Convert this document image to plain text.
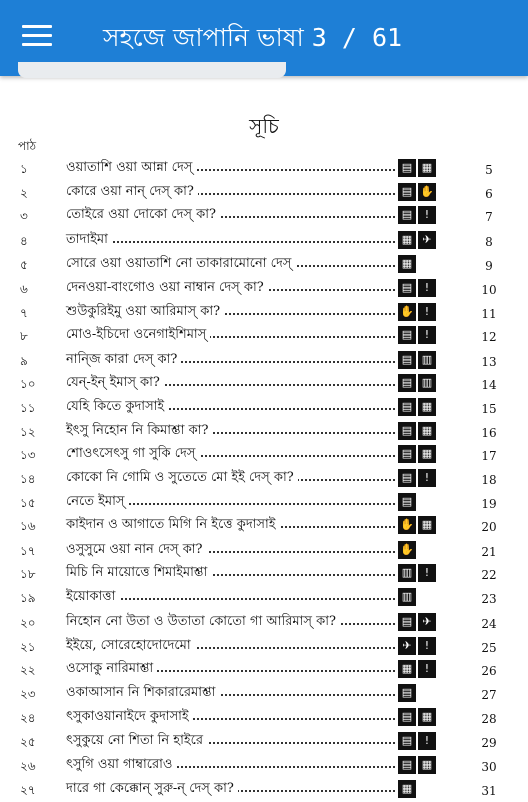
সহজে জাপানি ভাষা 3 / 61
সূচি
পাঠ
১	ওয়াতাশি ওয়া আন্না দেস্	▤ ▦	5
২	কোরে ওয়া নান্ দেস্ কা?	▤ ✋	6
৩	তোইরে ওয়া দোকো দেস্ কা?	▤ !	7
৪	তাদাইমা	▦ ✈	8
৫	সোরে ওয়া ওয়াতাশি নো তাকারামোনো দেস্	▦	9
৬	দেনওয়া-বাংগোও ওয়া নাম্বান দেস্ কা?	▤ !	10
৭	শুউকুরিইমু ওয়া আরিমাস্ কা?	✋ !	11
৮	মোও-ইচিদো ওনেগাইশিমাস্	▤ !	12
৯	নান্জি কারা দেস্ কা?	▤ ▥	13
১০ যেন্-ইন্ ইমাস্ কা?	▤ ▥	14
১১ যেহি কিতে কুদাসাই	▤ ▦	15
১২ ইৎসু নিহোন নি কিমাশ্তা কা?	▤ ▦	16
১৩ শোওৎসেৎসু গা সুকি দেস্	▤ ▦	17
১৪ কোকো নি গোমি ও সুতেতে মো ইই দেস্ কা?	▤ !	18
১৫ নেতে ইমাস্	▤	19
১৬ কাইদান ও আগাতে মিগি নি ইত্তে কুদাসাই	✋ ▦	20
১৭ ওসুসুমে ওয়া নান দেস্ কা?	✋	21
১৮ মিচি নি মায়োত্তে শিমাইমাশ্তা	▥ !	22
১৯ ইয়োকাত্তা	▥	23
২০ নিহোন নো উতা ও উতাতা কোতো গা আরিমাস্ কা?	▤ ✈	24
২১ ইইয়ে, সোরেহোদোদেমো	✈ !	25
২২ ওসোকু নারিমাশ্তা	▦ !	26
২৩ ওকাআসান নি শিকারারেমাশ্তা	▤	27
২৪ ৎসুকাওয়ানাইদে কুদাসাই	▤ ▦	28
২৫ ৎসুকুয়ে নো শিতা নি হাইরে	▤ !	29
২৬ ৎসুগি ওয়া গাম্বারোও	▤ ▦	30
২৭ দারে গা কেক্কোন্ সুরু-ন্ দেস্ কা?	▦	31
